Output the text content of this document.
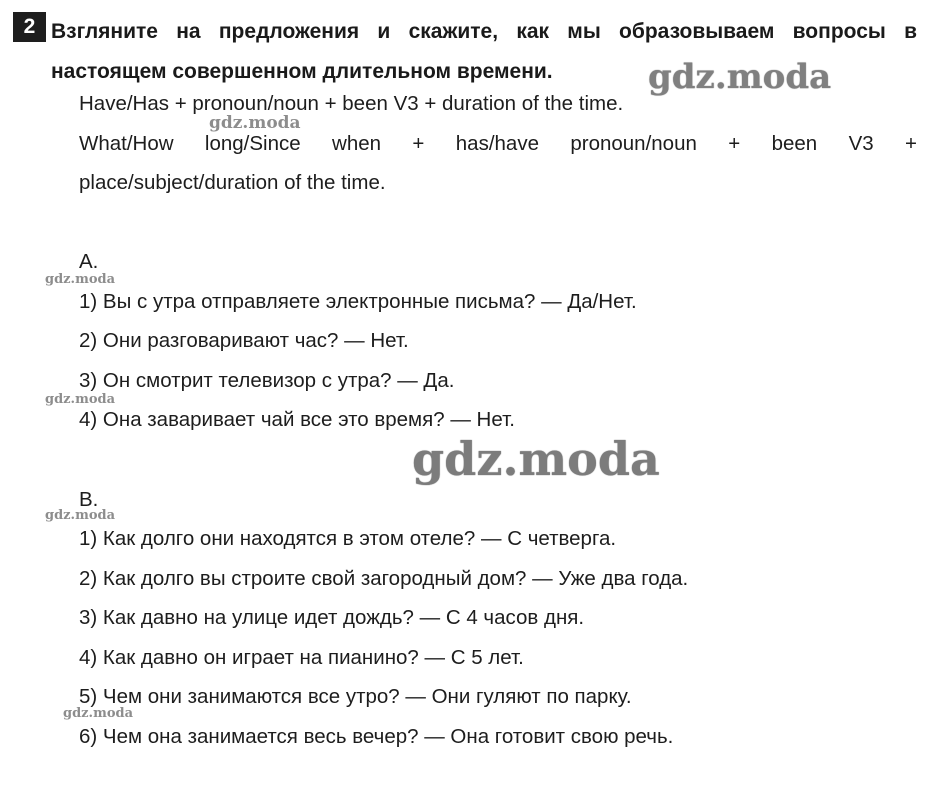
2 Взгляните на предложения и скажите, как мы образовываем вопросы в настоящем совершенном длительном времени.

Have/Has + pronoun/noun + been V3 + duration of the time.
What/How long/Since when + has/have pronoun/noun + been V3 +
place/subject/duration of the time.
A.
1) Вы с утра отправляете электронные письма? — Да/Нет.
2) Они разговаривают час? — Нет.
3) Он смотрит телевизор с утра? — Да.
4) Она заваривает чай все это время? — Нет.
B.
1) Как долго они находятся в этом отеле? — С четверга.
2) Как долго вы строите свой загородный дом? — Уже два года.
3) Как давно на улице идет дождь? — С 4 часов дня.
4) Как давно он играет на пианино? — С 5 лет.
5) Чем они занимаются все утро? — Они гуляют по парку.
6) Чем она занимается весь вечер? — Она готовит свою речь.
gdz.moda
gdz.moda
gdz.moda
gdz.moda
gdz.moda
gdz.moda
gdz.moda
